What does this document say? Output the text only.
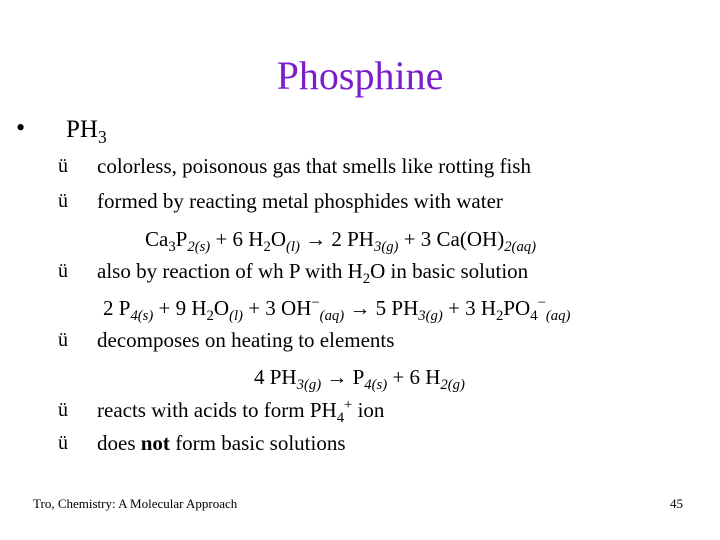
Phosphine
• $PH_3$
ü colorless, poisonous gas that smells like rotting fish
ü formed by reacting metal phosphides with water
$Ca_3P_{2(s)} + 6$ $H_2O_{(l)} \to 2$ $PH_{3(g)} + 3$ $Ca(OH)_{2(aq)}$
ü also by reaction of wh P with $H_2O$ in basic solution
2 $P_{4(s)} + 9$ $H_2O_{(l)} + 3$ $OH^-_{(aq)} \to 5$ $PH_{3(g)} + 3$ $H_2PO_4^-_{(aq)}$
ü decomposes on heating to elements
4 $PH_{3(g)} \to P_{4(s)} + 6$ $H_{2(g)}$
ü reacts with acids to form $PH_4^+$ ion
ü does not form basic solutions
Tro, Chemistry: A Molecular Approach	45
